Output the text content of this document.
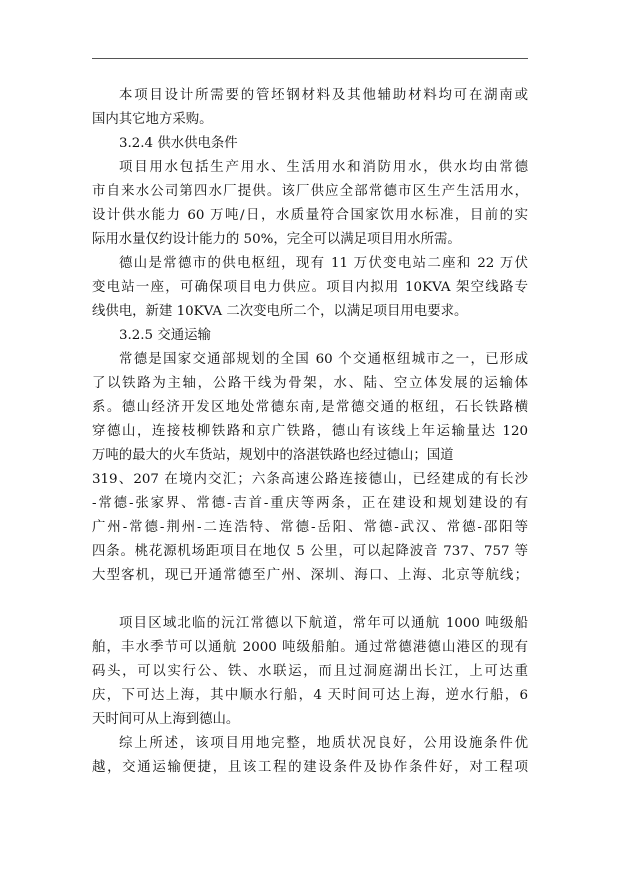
本项目设计所需要的管坯钢材料及其他辅助材料均可在湖南或

国内其它地方采购。

3.2.4 供水供电条件

项目用水包括生产用水、生活用水和消防用水，供水均由常德

市自来水公司第四水厂提供。该厂供应全部常德市区生产生活用水，

设计供水能力 60 万吨/日，水质量符合国家饮用水标准，目前的实

际用水量仅约设计能力的 50%，完全可以满足项目用水所需。

德山是常德市的供电枢纽，现有 11 万伏变电站二座和 22 万伏

变电站一座，可确保项目电力供应。项目内拟用 10KVA 架空线路专

线供电，新建 10KVA 二次变电所二个，以满足项目用电要求。

3.2.5 交通运输

常德是国家交通部规划的全国 60 个交通枢纽城市之一，已形成

了以铁路为主轴，公路干线为骨架，水、陆、空立体发展的运输体

系。德山经济开发区地处常德东南,是常德交通的枢纽，石长铁路横

穿德山，连接枝柳铁路和京广铁路，德山有该线上年运输量达 120

万吨的最大的火车货站，规划中的洛湛铁路也经过德山；国道

319、207 在境内交汇；六条高速公路连接德山，已经建成的有长沙

-常德-张家界、常德-吉首-重庆等两条，正在建设和规划建设的有

广州-常德-荆州-二连浩特、常德-岳阳、常德-武汉、常德-邵阳等

四条。桃花源机场距项目在地仅 5 公里，可以起降波音 737、757 等

大型客机，现已开通常德至广州、深圳、海口、上海、北京等航线；

项目区域北临的沅江常德以下航道，常年可以通航 1000 吨级船

舶，丰水季节可以通航 2000 吨级船舶。通过常德港德山港区的现有

码头，可以实行公、铁、水联运，而且过洞庭湖出长江，上可达重

庆，下可达上海，其中顺水行船，4 天时间可达上海，逆水行船，6

天时间可从上海到德山。

综上所述，该项目用地完整，地质状况良好，公用设施条件优

越，交通运输便捷，且该工程的建设条件及协作条件好，对工程项
